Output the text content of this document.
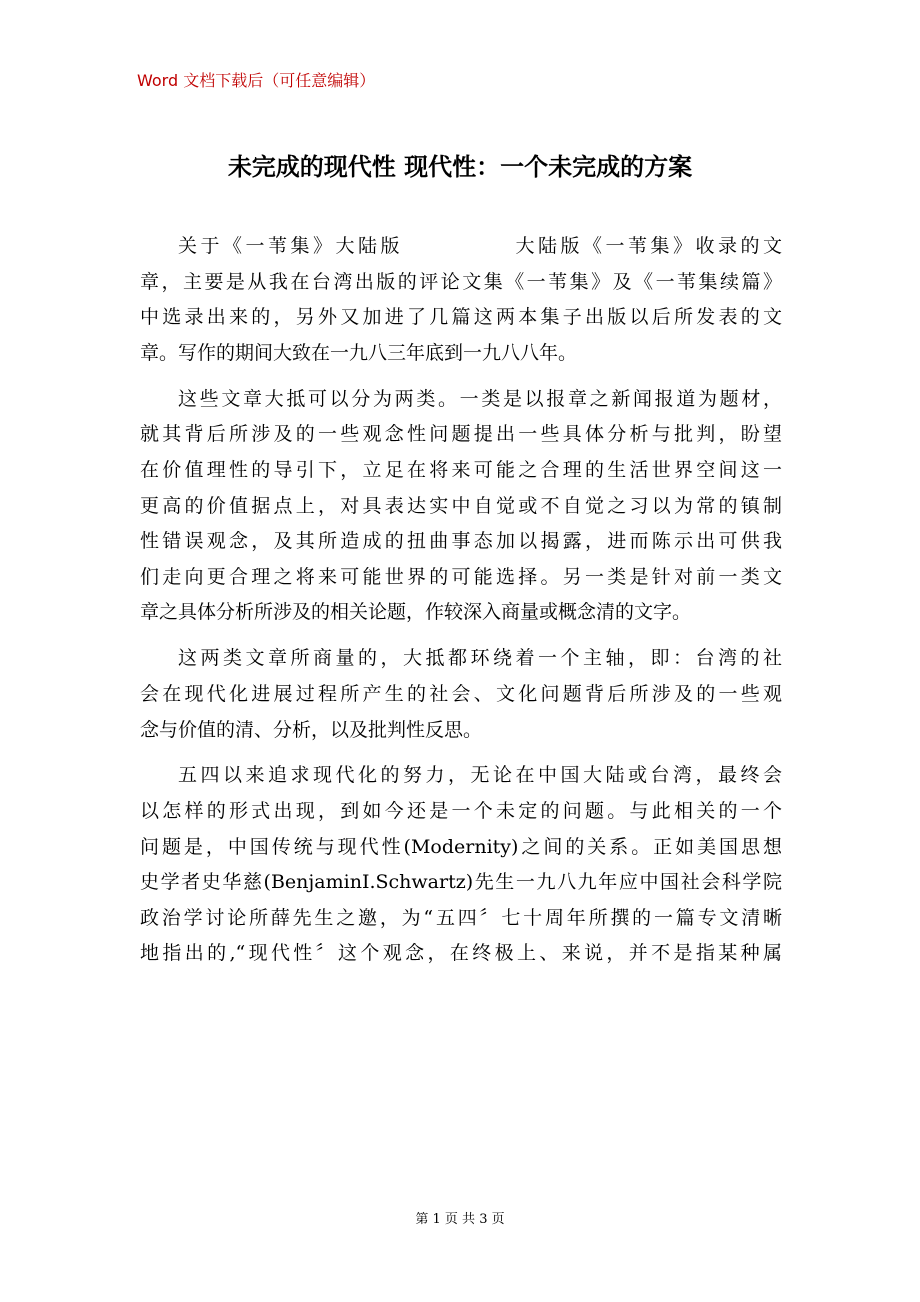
Word 文档下载后（可任意编辑）
未完成的现代性 现代性：一个未完成的方案
关于《一苇集》大陆版　　　　　大陆版《一苇集》收录的文
章，主要是从我在台湾出版的评论文集《一苇集》及《一苇集续篇》
中选录出来的，另外又加进了几篇这两本集子出版以后所发表的文
章。写作的期间大致在一九八三年底到一九八八年。
这些文章大抵可以分为两类。一类是以报章之新闻报道为题材，
就其背后所涉及的一些观念性问题提出一些具体分析与批判，盼望
在价值理性的导引下，立足在将来可能之合理的生活世界空间这一
更高的价值据点上，对具表达实中自觉或不自觉之习以为常的镇制
性错误观念，及其所造成的扭曲事态加以揭露，进而陈示出可供我
们走向更合理之将来可能世界的可能选择。另一类是针对前一类文
章之具体分析所涉及的相关论题，作较深入商量或概念清的文字。
这两类文章所商量的，大抵都环绕着一个主轴，即：台湾的社
会在现代化进展过程所产生的社会、文化问题背后所涉及的一些观
念与价值的清、分析，以及批判性反思。
五四以来追求现代化的努力，无论在中国大陆或台湾，最终会
以怎样的形式出现，到如今还是一个未定的问题。与此相关的一个
问题是，中国传统与现代性(Modernity)之间的关系。正如美国思想
史学者史华慈(BenjaminI.Schwartz)先生一九八九年应中国社会科学院
政治学讨论所薛先生之邀，为“五四〞七十周年所撰的一篇专文清晰
地指出的,“现代性〞这个观念，在终极上、来说，并不是指某种属
第 1 页 共 3 页
